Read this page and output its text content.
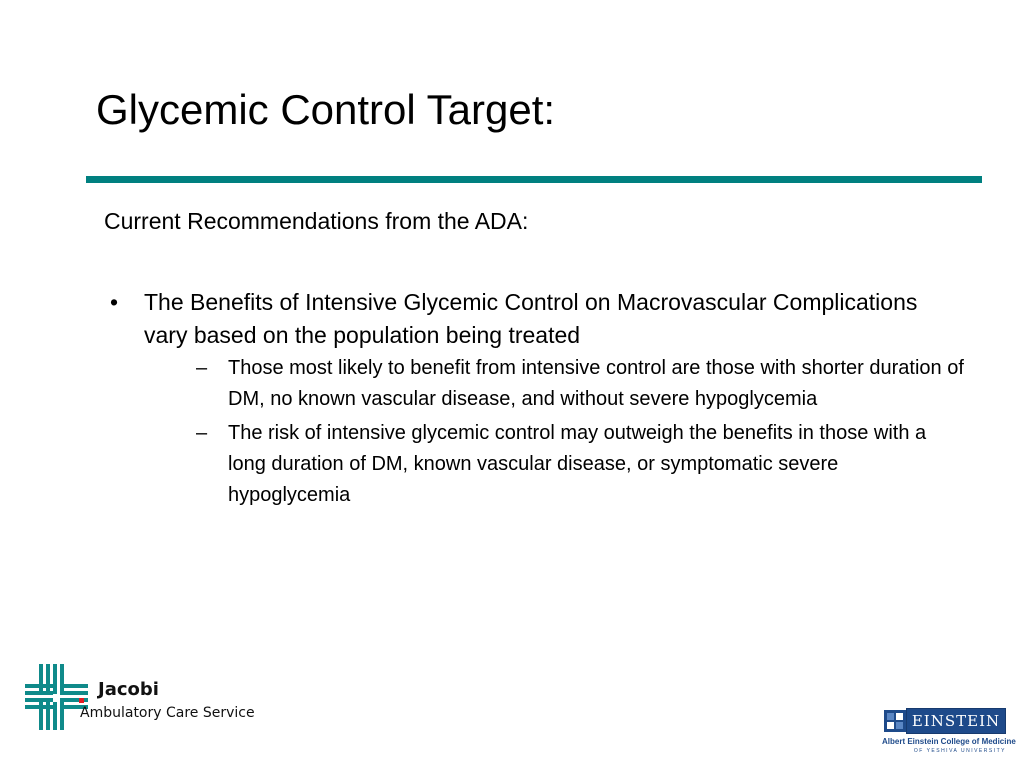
Glycemic Control Target:
Current Recommendations from the ADA:
• The Benefits of Intensive Glycemic Control on Macrovascular Complications vary based on the population being treated
– Those most likely to benefit from intensive control are those with shorter duration of DM, no known vascular disease, and without severe hypoglycemia
– The risk of intensive glycemic control may outweigh the benefits in those with a long duration of DM, known vascular disease, or symptomatic severe hypoglycemia
Jacobi
Ambulatory Care Service	EINSTEIN
Albert Einstein College of Medicine
OF YESHIVA UNIVERSITY
